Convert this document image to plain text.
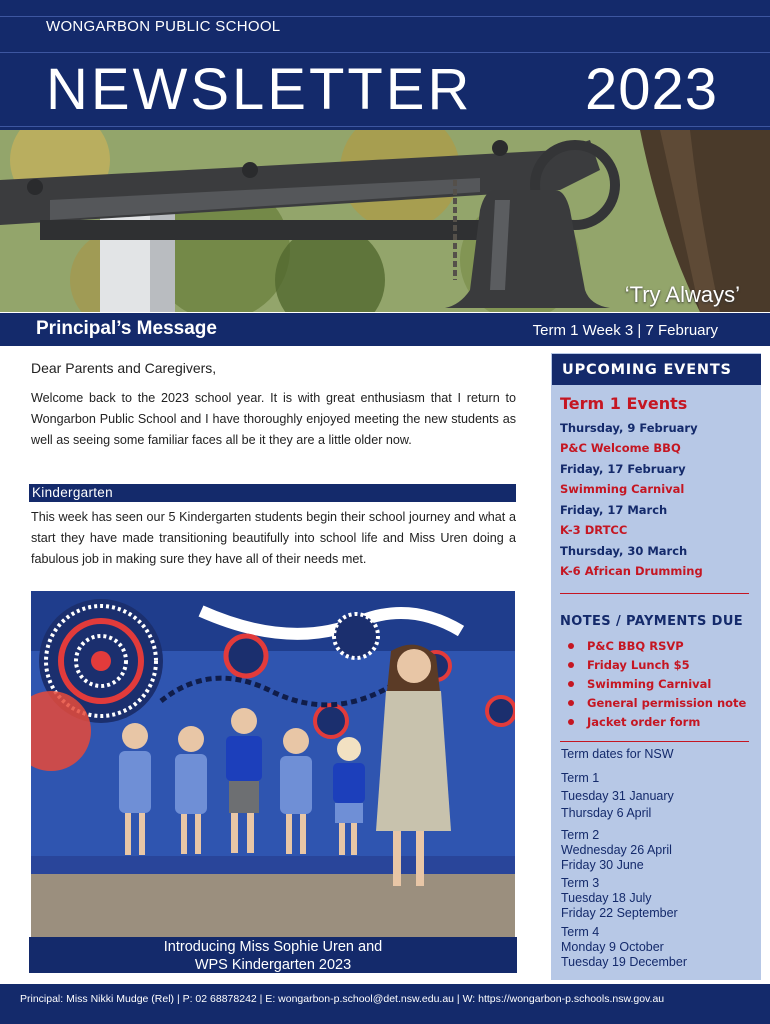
WONGARBON PUBLIC SCHOOL
NEWSLETTER 2023
‘Try Always’
Principal’s Message	Term 1 Week 3 | 7 February
Dear Parents and Caregivers,

Welcome back to the 2023 school year. It is with great enthusiasm that I return to Wongarbon Public School and I have thoroughly enjoyed meeting the new students as well as seeing some familiar faces all be it they are a little older now.

Kindergarten

This week has seen our 5 Kindergarten students begin their school journey and what a start they have made transitioning beautifully into school life and Miss Uren doing a fabulous job in making sure they have all of their needs met.

Introducing Miss Sophie Uren and
WPS Kindergarten 2023
UPCOMING EVENTS
Term 1 Events
Thursday, 9 February
P&C Welcome BBQ
Friday, 17 February
Swimming Carnival
Friday, 17 March
K-3 DRTCC
Thursday, 30 March
K-6 African Drumming
NOTES / PAYMENTS DUE
P&C BBQ RSVP
Friday Lunch $5
Swimming Carnival
General permission note
Jacket order form
Term dates for NSW
Term 1
Tuesday 31 January
Thursday 6 April
Term 2
Wednesday 26 April
Friday 30 June
Term 3
Tuesday 18 July
Friday 22 September
Term 4
Monday 9 October
Tuesday 19 December
Principal: Miss Nikki Mudge (Rel) | P: 02 68878242 | E: wongarbon-p.school@det.nsw.edu.au | W: https://wongarbon-p.schools.nsw.gov.au
